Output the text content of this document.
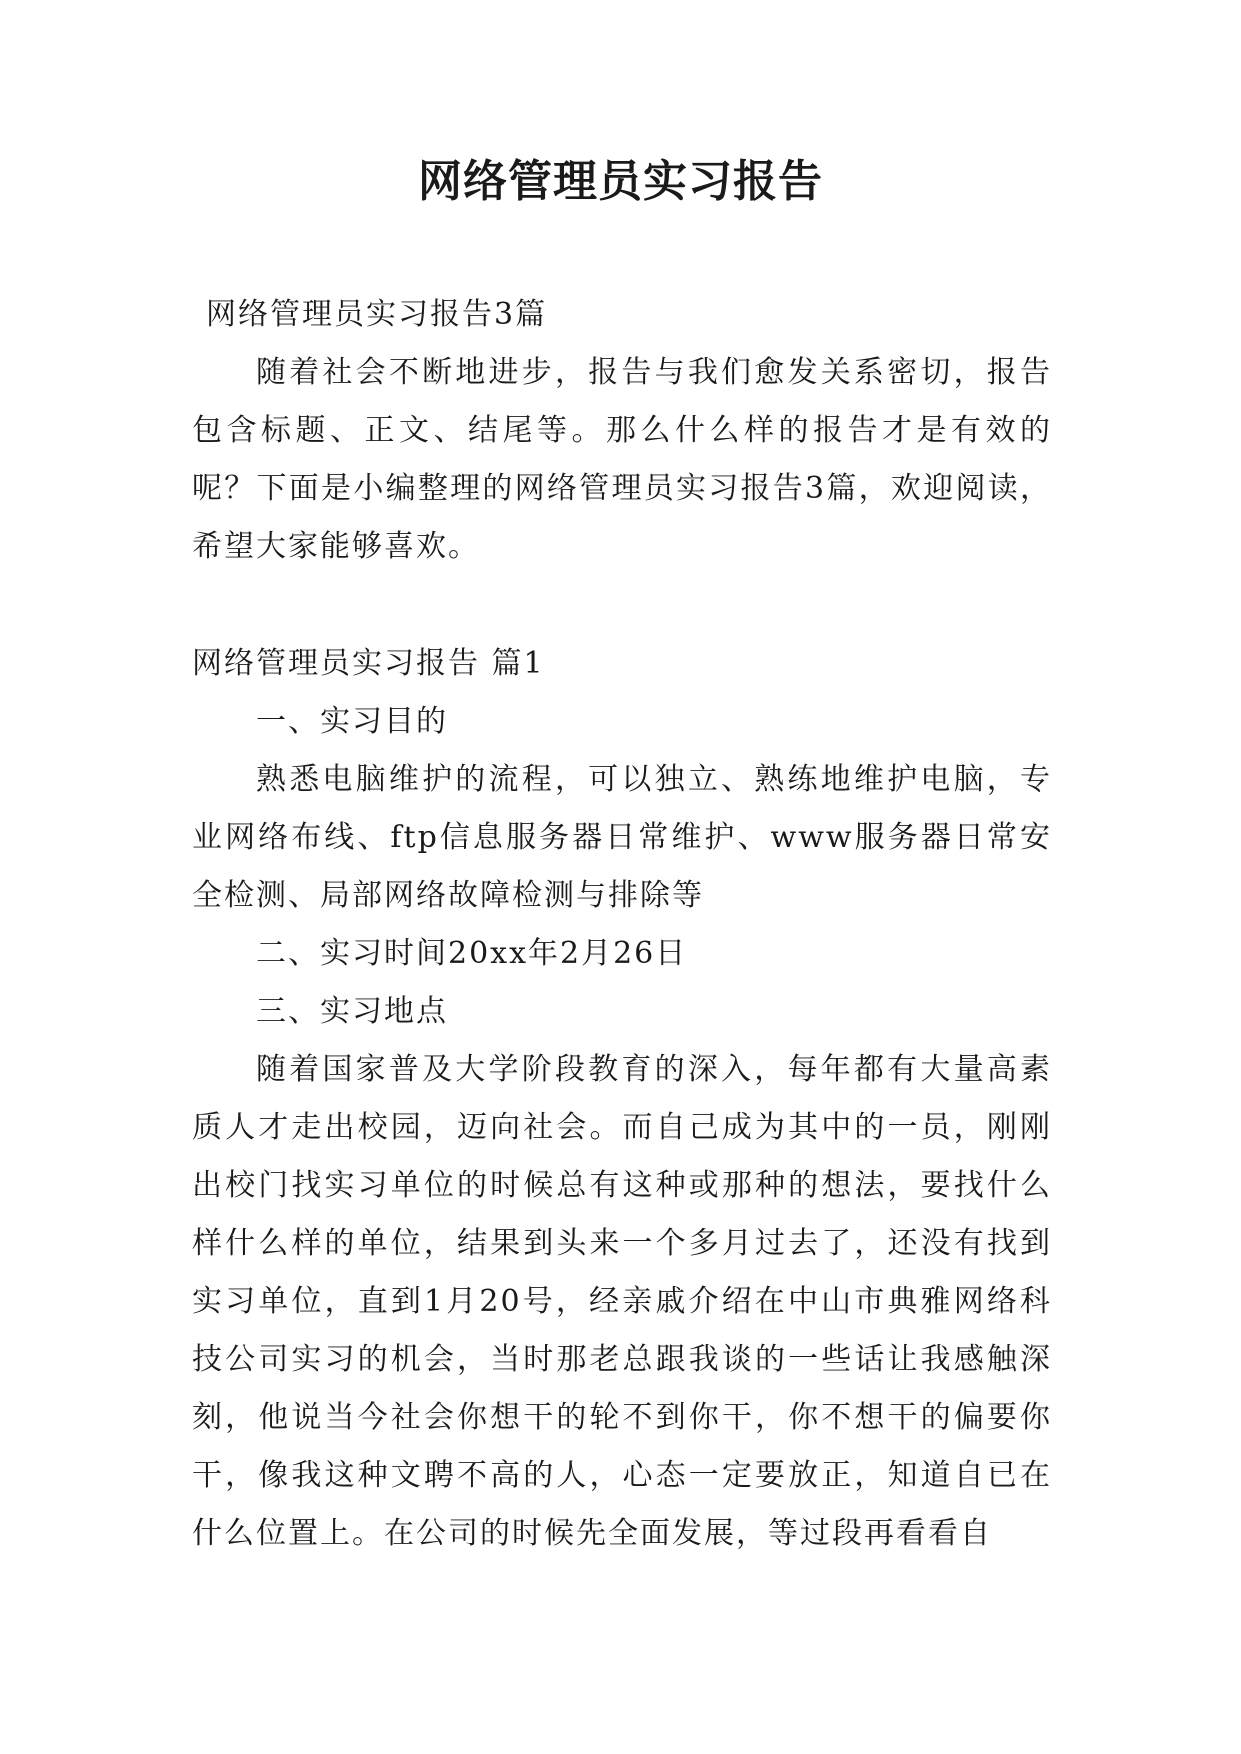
网络管理员实习报告

网络管理员实习报告3篇

随着社会不断地进步，报告与我们愈发关系密切，报告包含标题、正文、结尾等。那么什么样的报告才是有效的呢？下面是小编整理的网络管理员实习报告3篇，欢迎阅读，希望大家能够喜欢。

网络管理员实习报告 篇1

一、实习目的

熟悉电脑维护的流程，可以独立、熟练地维护电脑，专业网络布线、ftp信息服务器日常维护、www服务器日常安全检测、局部网络故障检测与排除等

二、实习时间20xx年2月26日

三、实习地点

随着国家普及大学阶段教育的深入，每年都有大量高素质人才走出校园，迈向社会。而自己成为其中的一员，刚刚出校门找实习单位的时候总有这种或那种的想法，要找什么样什么样的单位，结果到头来一个多月过去了，还没有找到实习单位，直到1月20号，经亲戚介绍在中山市典雅网络科技公司实习的机会，当时那老总跟我谈的一些话让我感触深刻，他说当今社会你想干的轮不到你干，你不想干的偏要你干，像我这种文聘不高的人，心态一定要放正，知道自已在什么位置上。在公司的时候先全面发展，等过段再看看自
